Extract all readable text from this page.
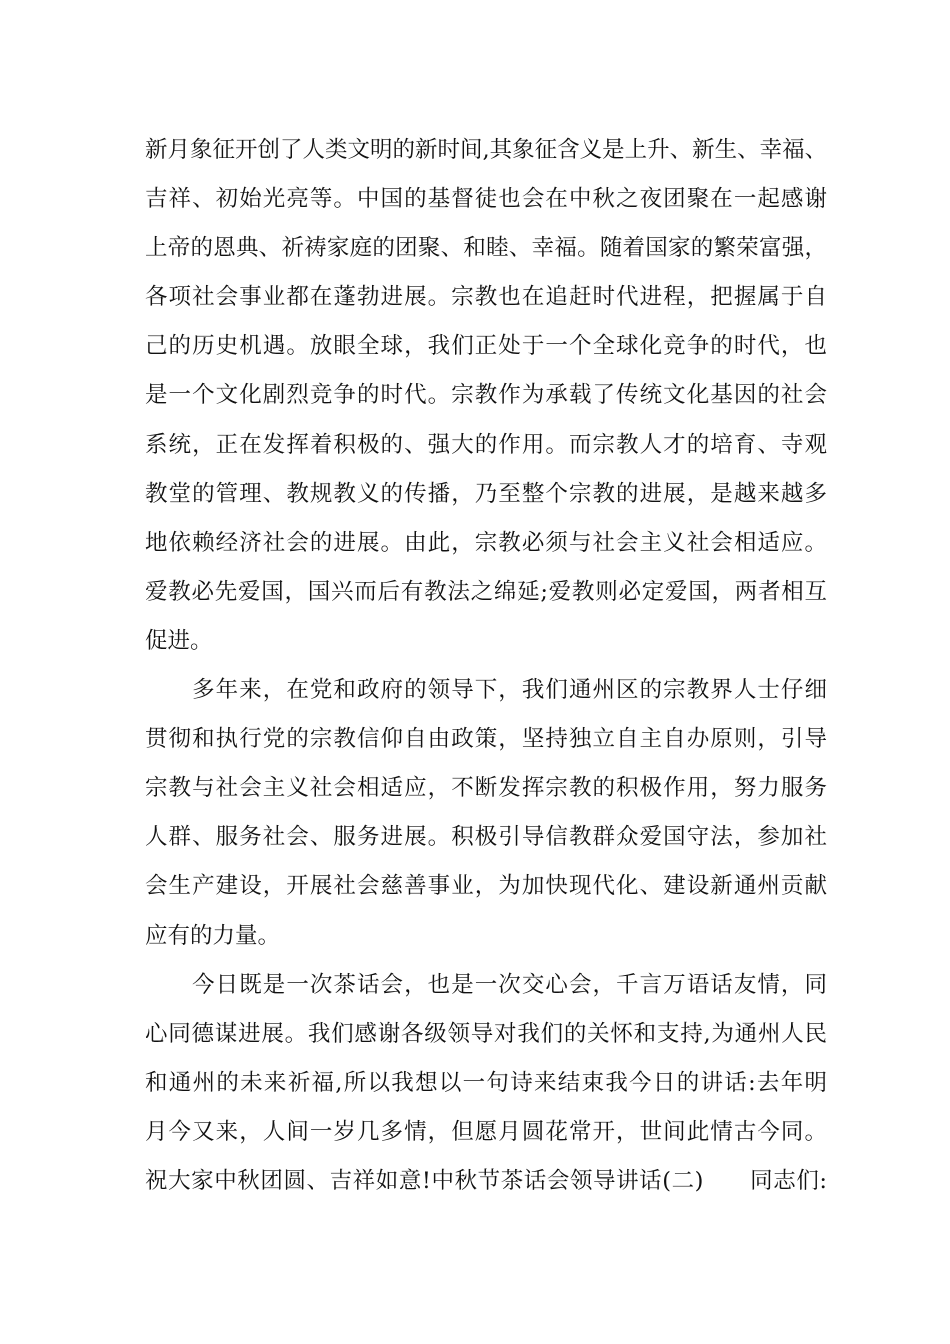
新月象征开创了人类文明的新时间,其象征含义是上升、新生、幸福、
吉祥、初始光亮等。中国的基督徒也会在中秋之夜团聚在一起感谢
上帝的恩典、祈祷家庭的团聚、和睦、幸福。随着国家的繁荣富强，
各项社会事业都在蓬勃进展。宗教也在追赶时代进程，把握属于自
己的历史机遇。放眼全球，我们正处于一个全球化竞争的时代，也
是一个文化剧烈竞争的时代。宗教作为承载了传统文化基因的社会
系统，正在发挥着积极的、强大的作用。而宗教人才的培育、寺观
教堂的管理、教规教义的传播，乃至整个宗教的进展，是越来越多
地依赖经济社会的进展。由此，宗教必须与社会主义社会相适应。
爱教必先爱国，国兴而后有教法之绵延;爱教则必定爱国，两者相互
促进。
　　多年来，在党和政府的领导下，我们通州区的宗教界人士仔细
贯彻和执行党的宗教信仰自由政策，坚持独立自主自办原则，引导
宗教与社会主义社会相适应，不断发挥宗教的积极作用，努力服务
人群、服务社会、服务进展。积极引导信教群众爱国守法，参加社
会生产建设，开展社会慈善事业，为加快现代化、建设新通州贡献
应有的力量。
　　今日既是一次茶话会，也是一次交心会，千言万语话友情，同
心同德谋进展。我们感谢各级领导对我们的关怀和支持,为通州人民
和通州的未来祈福,所以我想以一句诗来结束我今日的讲话:去年明
月今又来，人间一岁几多情，但愿月圆花常开，世间此情古今同。
祝大家中秋团圆、吉祥如意!中秋节茶话会领导讲话(二)　　同志们:
